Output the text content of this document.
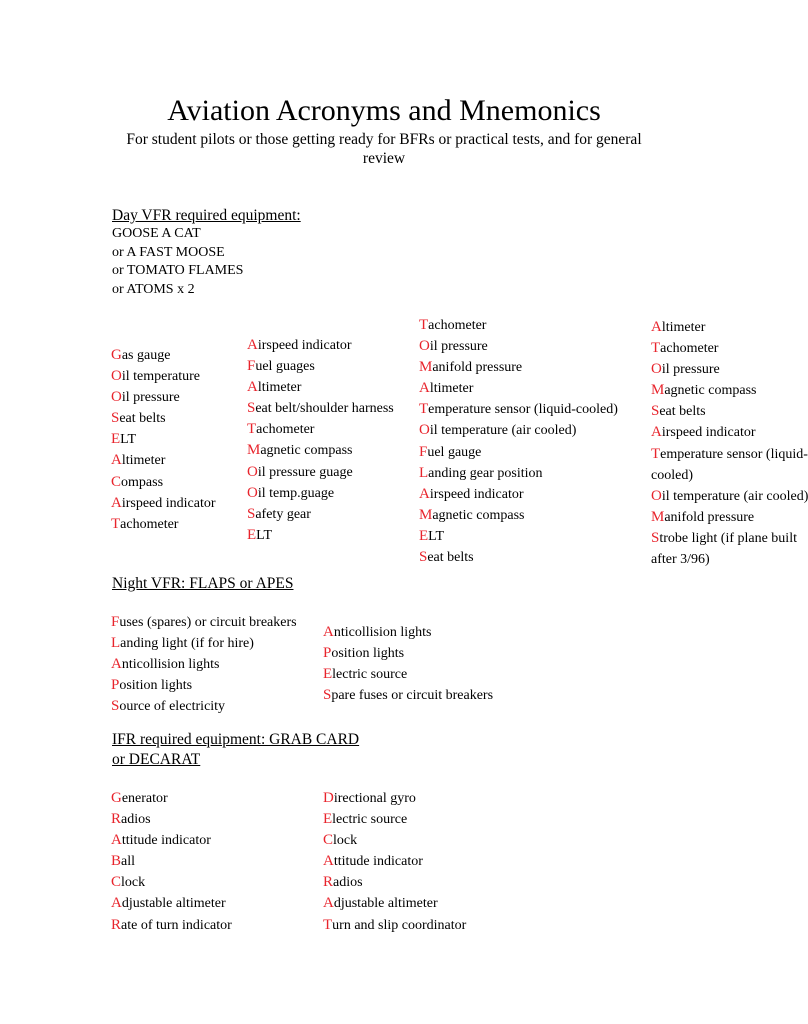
Aviation Acronyms and Mnemonics
For student pilots or those getting ready for BFRs or practical tests, and for general review
Day VFR required equipment:
GOOSE A CAT
or A FAST MOOSE
or TOMATO FLAMES
or ATOMS x 2
Gas gauge
Oil temperature
Oil pressure
Seat belts
ELT
Altimeter
Compass
Airspeed indicator
Tachometer
Airspeed indicator
Fuel guages
Altimeter
Seat belt/shoulder harness
Tachometer
Magnetic compass
Oil pressure guage
Oil temp.guage
Safety gear
ELT
Tachometer
Oil pressure
Manifold pressure
Altimeter
Temperature sensor (liquid-cooled)
Oil temperature (air cooled)
Fuel gauge
Landing gear position
Airspeed indicator
Magnetic compass
ELT
Seat belts
Altimeter
Tachometer
Oil pressure
Magnetic compass
Seat belts
Airspeed indicator
Temperature sensor (liquid-
cooled)
Oil temperature (air cooled)
Manifold pressure
Strobe light (if plane built
after 3/96)
Night VFR: FLAPS or APES
Fuses (spares) or circuit breakers
Landing light (if for hire)
Anticollision lights
Position lights
Source of electricity
Anticollision lights
Position lights
Electric source
Spare fuses or circuit breakers
IFR required equipment: GRAB CARD
or DECARAT
Generator
Radios
Attitude indicator
Ball
Clock
Adjustable altimeter
Rate of turn indicator
Directional gyro
Electric source
Clock
Attitude indicator
Radios
Adjustable altimeter
Turn and slip coordinator
